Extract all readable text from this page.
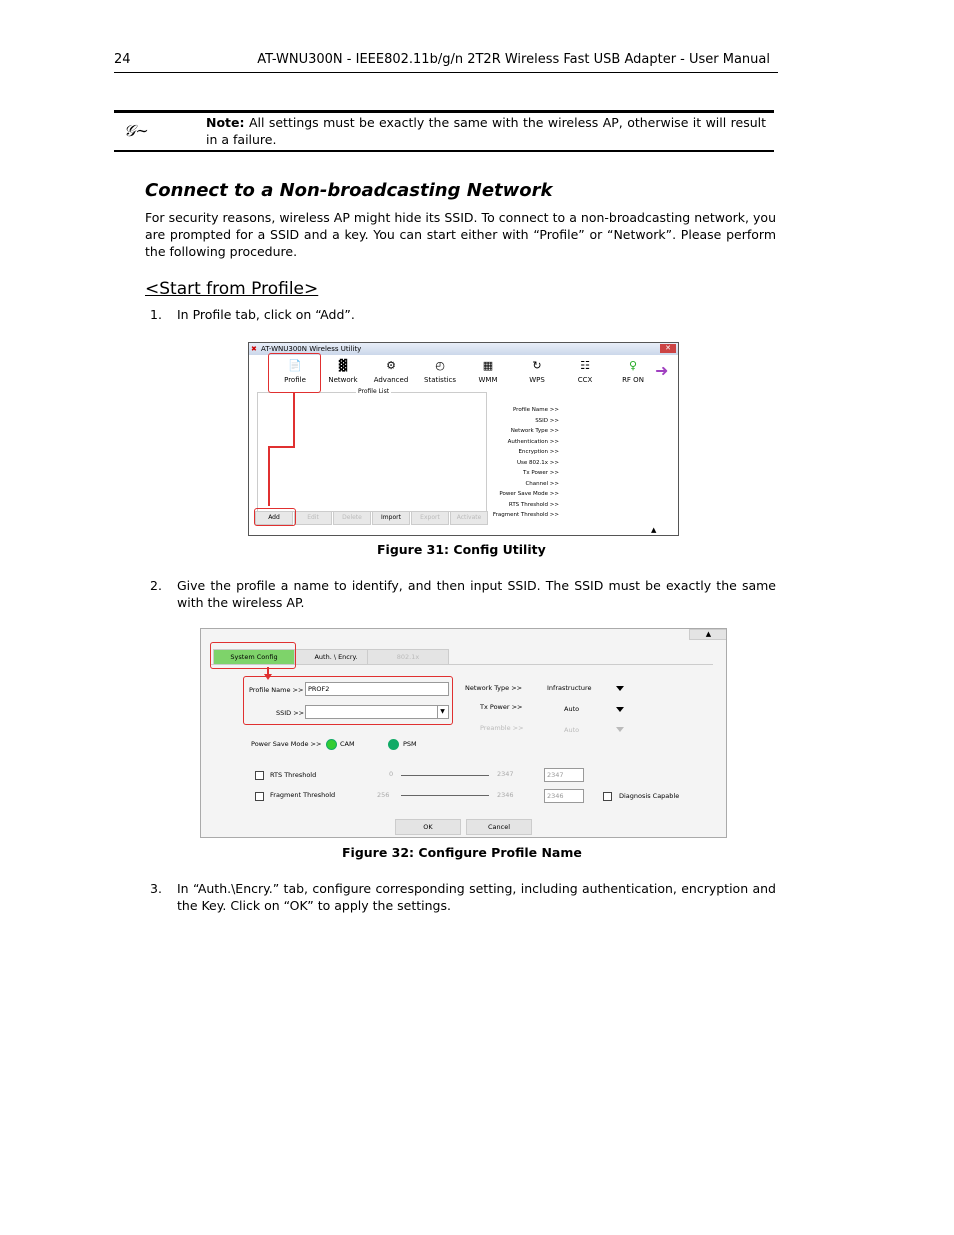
24	AT-WNU300N - IEEE802.11b/g/n 2T2R Wireless Fast USB Adapter - User Manual
𝒢∼	Note: All settings must be exactly the same with the wireless AP, otherwise it will result in a failure.
Connect to a Non-broadcasting Network
For security reasons, wireless AP might hide its SSID. To connect to a non-broadcasting network, you are prompted for a SSID and a key. You can start either with “Profile” or “Network”. Please perform the following procedure.
<Start from Profile>
1. In Profile tab, click on “Add”.
✖ AT-WNU300N Wireless Utility	✕
📄
Profile
▓
Network
⚙
Advanced
◴
Statistics
▦
WMM
↻
WPS
☷
CCX
♀
RF ON ➜
Profile List
Profile Name >>
SSID >>
Network Type >>
Authentication >>
Encryption >>
Use 802.1x >>
Tx Power >>
Channel >>
Power Save Mode >>
RTS Threshold >>
Fragment Threshold >>
Add	Edit	Delete	Import	Export	Activate
▲
Figure 31: Config Utility
2. Give the profile a name to identify, and then input SSID. The SSID must be exactly the same with the wireless AP.
▲
System Config	Auth. \ Encry.	802.1x
Profile Name >> PROF2
SSID >>	▼
Network Type >>	Infrastructure
Tx Power >>	Auto
Preamble >>	Auto
Power Save Mode >>	CAM	PSM
RTS Threshold	0	2347	2347
Fragment Threshold	256	2346	2346	Diagnosis Capable
OK	Cancel
Figure 32: Configure Profile Name
3. In “Auth.\Encry.” tab, configure corresponding setting, including authentication, encryption and the Key. Click on “OK” to apply the settings.
